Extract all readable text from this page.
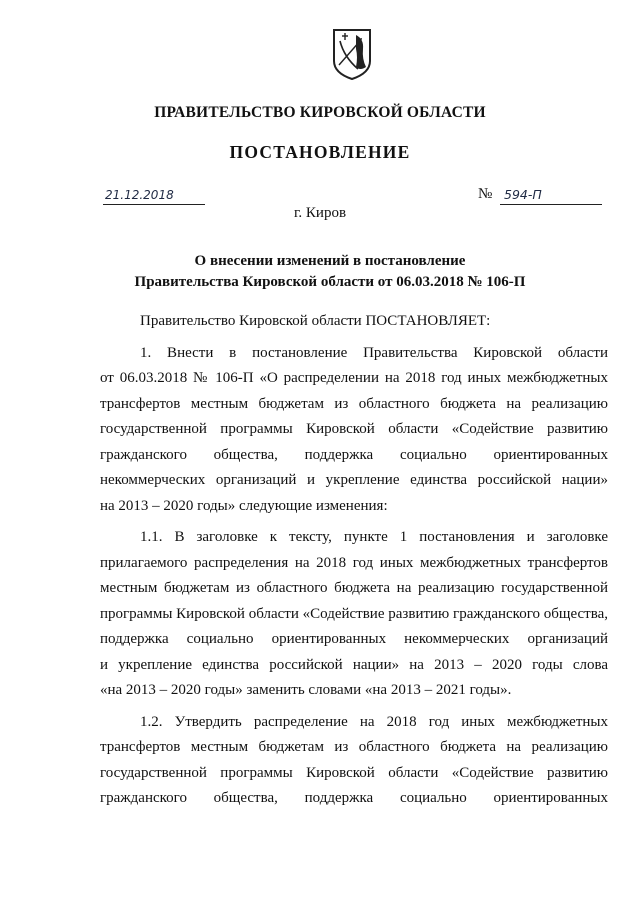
ПРАВИТЕЛЬСТВО КИРОВСКОЙ ОБЛАСТИ
ПОСТАНОВЛЕНИЕ
21.12.2018	№ 594-П
г. Киров
О внесении изменений в постановление
Правительства Кировской области от 06.03.2018 № 106-П
Правительство Кировской области ПОСТАНОВЛЯЕТ:
1. Внести в постановление Правительства Кировской области
от 06.03.2018 № 106-П «О распределении на 2018 год иных межбюджетных
трансфертов местным бюджетам из областного бюджета на реализацию
государственной программы Кировской области «Содействие развитию
гражданского общества, поддержка социально ориентированных
некоммерческих организаций и укрепление единства российской нации»
на 2013 – 2020 годы» следующие изменения:
1.1. В заголовке к тексту, пункте 1 постановления и заголовке
прилагаемого распределения на 2018 год иных межбюджетных трансфертов
местным бюджетам из областного бюджета на реализацию государственной
программы Кировской области «Содействие развитию гражданского общества,
поддержка социально ориентированных некоммерческих организаций
и укрепление единства российской нации» на 2013 – 2020 годы слова
«на 2013 – 2020 годы» заменить словами «на 2013 – 2021 годы».
1.2. Утвердить распределение на 2018 год иных межбюджетных
трансфертов местным бюджетам из областного бюджета на реализацию
государственной программы Кировской области «Содействие развитию
гражданского общества, поддержка социально ориентированных
